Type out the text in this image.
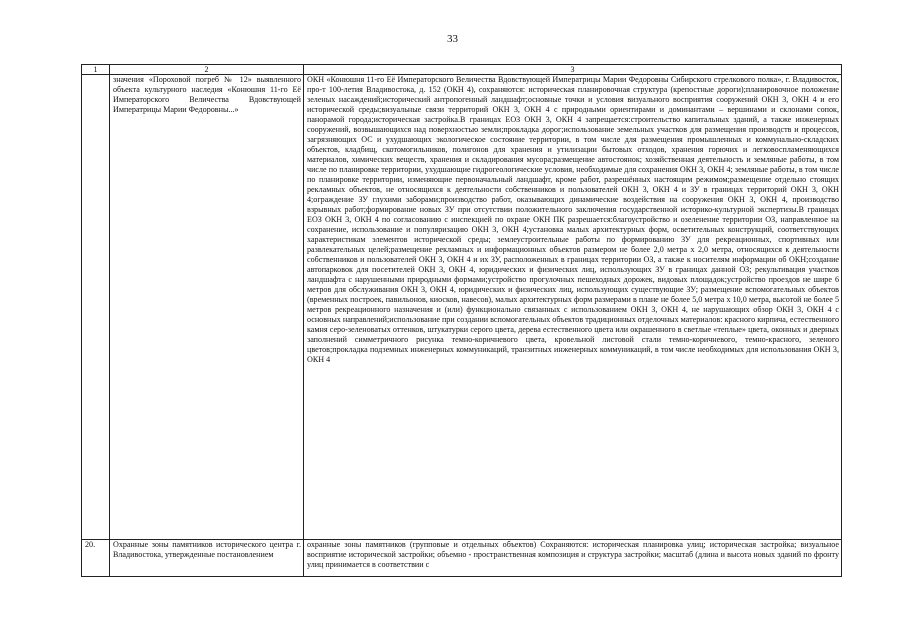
33
1	2	3
	значения «Пороховой погреб № 12» выявленного объекта культурного наследия «Конюшня 11-го Её Императорского Величества Вдовствующей Императрицы Марии Федоровны...»	ОКН «Конюшня 11-го Её Императорского Величества Вдовствующей Императрицы Марии Федоровны Сибирского стрелкового полка», г. Владивосток, про-т 100-летия Владивостока, д. 152 (ОКН 4), сохраняются: историческая планировочная структура (крепостные дороги);планировочное положение зеленых насаждений;исторический антропогенный ландшафт;основные точки и условия визуального восприятия сооружений ОКН 3, ОКН 4 и его исторической среды;визуальные связи территорий ОКН 3, ОКН 4 с природными ориентирами и доминантами – вершинами и склонами сопок, панорамой города;историческая застройка.В границах ЕОЗ ОКН 3, ОКН 4 запрещается:строительство капитальных зданий, а также инженерных сооружений, возвышающихся над поверхностью земли;прокладка дорог;использование земельных участков для размещения производств и процессов, загрязняющих ОС и ухудшающих экологическое состояние территории, в том числе для размещения промышленных и коммунально-складских объектов, кладбищ, скотомогильников, полигонов для хранения и утилизации бытовых отходов, хранения горючих и легковоспламеняющихся материалов, химических веществ, хранения и складирования мусора;размещение автостоянок; хозяйственная деятельность и земляные работы, в том числе по планировке территории, ухудшающие гидрогеологические условия, необходимые для сохранения ОКН 3, ОКН 4; земляные работы, в том числе по планировке территории, изменяющие первоначальный ландшафт, кроме работ, разрешённых настоящим режимом;размещение отдельно стоящих рекламных объектов, не относящихся к деятельности собственников и пользователей ОКН 3, ОКН 4 и ЗУ в границах территорий ОКН 3, ОКН 4;ограждение ЗУ глухими заборами;производство работ, оказывающих динамические воздействия на сооружения ОКН 3, ОКН 4, производство взрывных работ;формирование новых ЗУ при отсутствии положительного заключения государственной историко-культурной экспертизы.В границах ЕОЗ ОКН 3, ОКН 4 по согласованию с инспекцией по охране ОКН ПК разрешается:благоустройство и озеленение территории ОЗ, направленное на сохранение, использование и популяризацию ОКН 3, ОКН 4;установка малых архитектурных форм, осветительных конструкций, соответствующих характеристикам элементов исторической среды; землеустроительные работы по формированию ЗУ для рекреационных, спортивных или развлекательных целей;размещение рекламных и информационных объектов размером не более 2,0 метра х 2,0 метра, относящихся к деятельности собственников и пользователей ОКН 3, ОКН 4 и их ЗУ, расположенных в границах территории ОЗ, а также к носителям информации об ОКН;создание автопарковок для посетителей ОКН 3, ОКН 4, юридических и физических лиц, использующих ЗУ в границах данной ОЗ; рекультивация участков ландшафта с нарушенными природными формами;устройство прогулочных пешеходных дорожек, видовых площадок;устройство проездов не шире 6 метров для обслуживания ОКН 3, ОКН 4, юридических и физических лиц, использующих существующие ЗУ; размещение вспомогательных объектов (временных построек, павильонов, киосков, навесов), малых архитектурных форм размерами в плане не более 5,0 метра х 10,0 метра, высотой не более 5 метров рекреационного назначения и (или) функционально связанных с использованием ОКН 3, ОКН 4, не нарушающих обзор ОКН 3, ОКН 4 с основных направлений;использование при создании вспомогательных объектов традиционных отделочных материалов: красного кирпича, естественного камня серо-зеленоватых оттенков, штукатурки серого цвета, дерева естественного цвета или окрашенного в светлые «теплые» цвета, оконных и дверных заполнений симметричного рисунка темно-коричневого цвета, кровельной листовой стали темно-коричневого, темно-красного, зеленого цветов;прокладка подземных инженерных коммуникаций, транзитных инженерных коммуникаций, в том числе необходимых для использования ОКН 3, ОКН 4
20.	Охранные зоны памятников исторического центра г. Владивостока, утвержденные постановлением	охранные зоны памятников (групповые и отдельных объектов) Сохраняются: историческая планировка улиц; историческая застройка; визуальное восприятие исторической застройки; объемно - пространственная композиция и структура застройки; масштаб (длина и высота новых зданий по фронту улиц принимается в соответствии с
